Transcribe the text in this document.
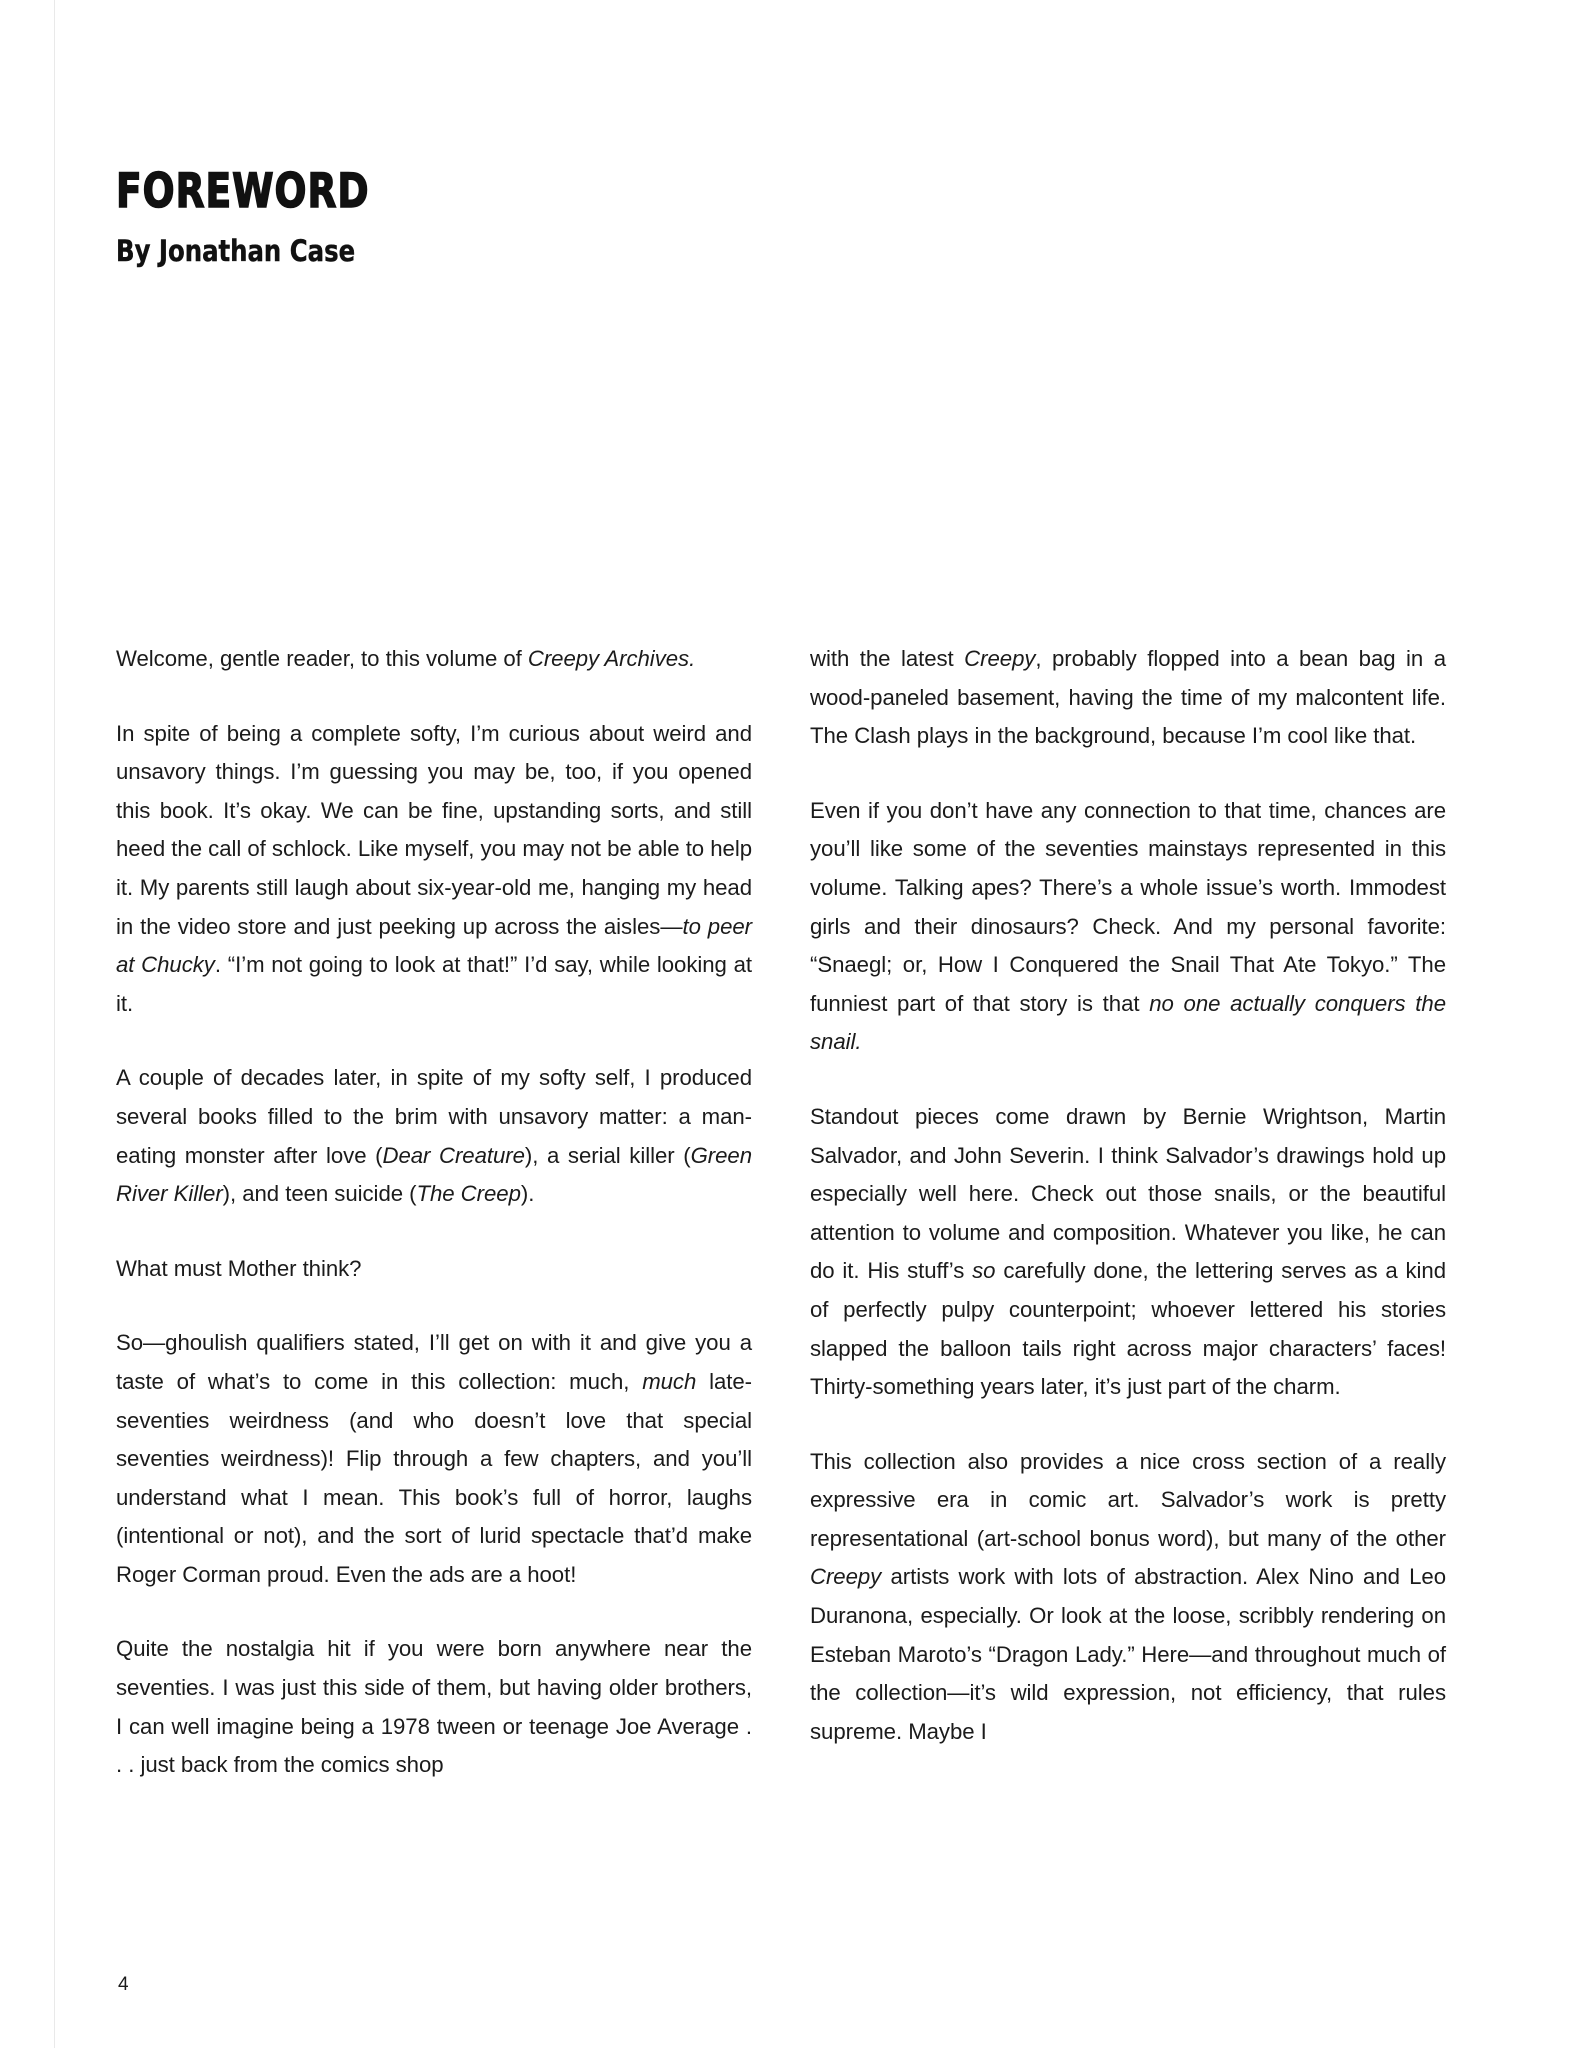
FOREWORD
By Jonathan Case

Welcome, gentle reader, to this volume of Creepy Archives.

In spite of being a complete softy, I’m curious about weird and unsavory things. I’m guessing you may be, too, if you opened this book. It’s okay. We can be fine, upstanding sorts, and still heed the call of schlock. Like myself, you may not be able to help it. My parents still laugh about six-year-old me, hanging my head in the video store and just peeking up across the aisles—to peer at Chucky. “I’m not going to look at that!” I’d say, while looking at it.

A couple of decades later, in spite of my softy self, I produced several books filled to the brim with unsavory matter: a man-eating monster after love (Dear Creature), a serial killer (Green River Killer), and teen suicide (The Creep).

What must Mother think?

So—ghoulish qualifiers stated, I’ll get on with it and give you a taste of what’s to come in this collection: much, much late-seventies weirdness (and who doesn’t love that special seventies weirdness)! Flip through a few chapters, and you’ll understand what I mean. This book’s full of horror, laughs (intentional or not), and the sort of lurid spectacle that’d make Roger Corman proud. Even the ads are a hoot!

Quite the nostalgia hit if you were born anywhere near the seventies. I was just this side of them, but having older brothers, I can well imagine being a 1978 tween or teenage Joe Average . . . just back from the comics shop

with the latest Creepy, probably flopped into a bean bag in a wood-paneled basement, having the time of my malcontent life. The Clash plays in the background, because I’m cool like that.

Even if you don’t have any connection to that time, chances are you’ll like some of the seventies mainstays represented in this volume. Talking apes? There’s a whole issue’s worth. Immodest girls and their dinosaurs? Check. And my personal favorite: “Snaegl; or, How I Conquered the Snail That Ate Tokyo.” The funniest part of that story is that no one actually conquers the snail.

Standout pieces come drawn by Bernie Wrightson, Martin Salvador, and John Severin. I think Salvador’s drawings hold up especially well here. Check out those snails, or the beautiful attention to volume and composition. Whatever you like, he can do it. His stuff’s so carefully done, the lettering serves as a kind of perfectly pulpy counterpoint; whoever lettered his stories slapped the balloon tails right across major characters’ faces! Thirty-something years later, it’s just part of the charm.

This collection also provides a nice cross section of a really expressive era in comic art. Salvador’s work is pretty representational (art-school bonus word), but many of the other Creepy artists work with lots of abstraction. Alex Nino and Leo Duranona, especially. Or look at the loose, scribbly rendering on Esteban Maroto’s “Dragon Lady.” Here—and throughout much of the collection—it’s wild expression, not efficiency, that rules supreme. Maybe I

4
